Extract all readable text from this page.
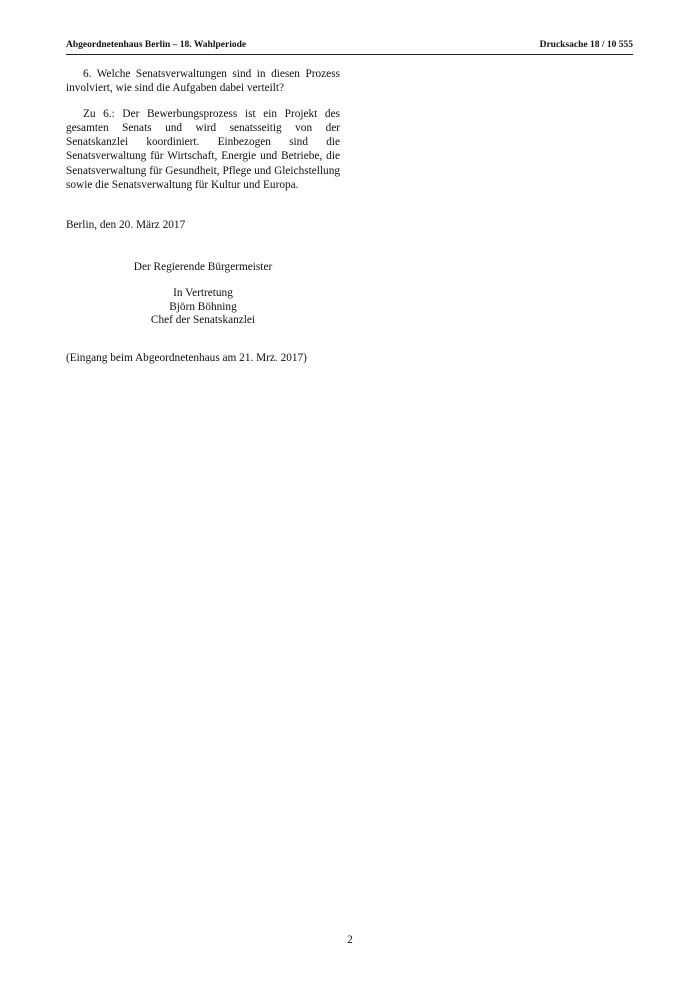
Abgeordnetenhaus Berlin – 18. Wahlperiode	Drucksache 18 / 10 555

6. Welche Senatsverwaltungen sind in diesen Prozess involviert, wie sind die Aufgaben dabei verteilt?

Zu 6.: Der Bewerbungsprozess ist ein Projekt des gesamten Senats und wird senatsseitig von der Senatskanzlei koordiniert. Einbezogen sind die Senatsverwaltung für Wirtschaft, Energie und Betriebe, die Senatsverwaltung für Gesundheit, Pflege und Gleichstellung sowie die Senatsverwaltung für Kultur und Europa.

Berlin, den 20. März 2017
Der Regierende Bürgermeister
In Vertretung
Björn Böhning
Chef der Senatskanzlei
(Eingang beim Abgeordnetenhaus am 21. Mrz. 2017)
2
